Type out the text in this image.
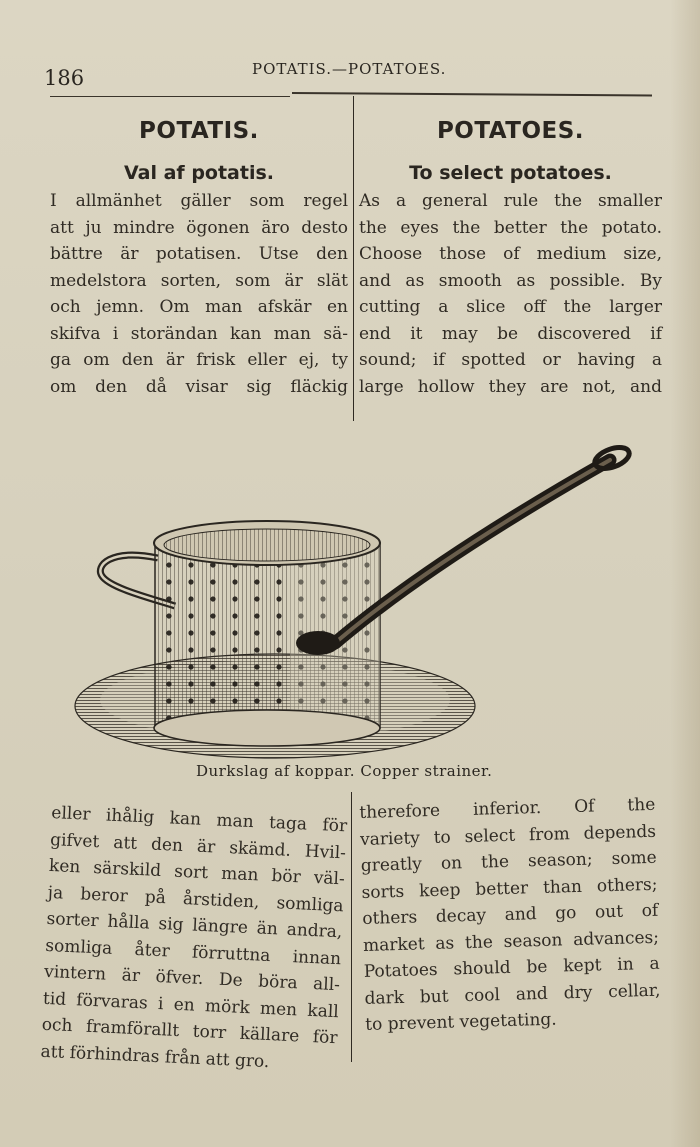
186	POTATIS.—POTATOES.
POTATIS.
Val af potatis.

I allmänhet gäller som regel
att ju mindre ögonen äro desto
bättre är potatisen. Utse den
medelstora sorten, som är slät
och jemn. Om man afskär en
skifva i storändan kan man sä-
ga om den är frisk eller ej, ty
om den då visar sig fläckig

POTATOES.
To select potatoes.

As a general rule the smaller
the eyes the better the potato.
Choose those of medium size,
and as smooth as possible. By
cutting a slice off the larger
end it may be discovered if
sound; if spotted or having a
large hollow they are not, and

Durkslag af koppar. Copper strainer.

eller ihålig kan man taga för
gifvet att den är skämd. Hvil-
ken särskild sort man bör väl-
ja beror på årstiden, somliga
sorter hålla sig längre än andra,
somliga åter förruttna innan
vintern är öfver. De böra all-
tid förvaras i en mörk men kall
och framförallt torr källare för
att förhindras från att gro.

therefore inferior. Of the
variety to select from depends
greatly on the season; some
sorts keep better than others;
others decay and go out of
market as the season advances;
Potatoes should be kept in a
dark but cool and dry cellar,
to prevent vegetating.
